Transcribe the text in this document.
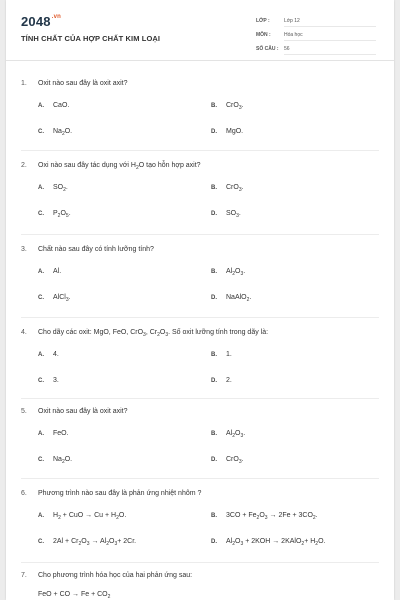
$2048^{.vn}$
TÍNH CHẤT CỦA HỢP CHẤT KIM LOẠI
LỚP :	Lớp 12
MÔN :	Hóa học
SỐ CÂU : 56
1. Oxit nào sau đây là oxit axit?
A. CaO.	B. CrO$_3$.
C. $Na_2O$.	D. MgO.
2. Oxi nào sau đây tác dụng với $H_2O$ tạo hỗn hợp axit?
A. $SO_2$.	B. CrO$_3$.
C. $P_2O_5$.	D. $SO_3$.
3. Chất nào sau đây có tính lưỡng tính?
A. Al.	B. $Al_2O_3$.
C. AlCl$_3$.	D. NaAlO$_2$.
4. Cho dãy các oxit: MgO, FeO, CrO$_3$, $Cr_2O_3$. Số oxit lưỡng tính trong dãy là:
A. 4.	B. 1.
C. 3.	D. 2.
5. Oxit nào sau đây là oxit axit?
A. FeO.	B. $Al_2O_3$.
C. $Na_2O$.	D. CrO$_3$.
6. Phương trình nào sau đây là phản ứng nhiệt nhôm ?
A. $H_2$ + CuO → $Cu + H_2O$.	B. $3CO + Fe_2O_3 \to 2Fe + 3CO_2$.
C. $2Al + Cr_2O_3 \to Al_2O_3+ 2Cr$.	D. $Al_2O_3 + 2KOH$ → 2KAlO$_2$+ $H_2O$.
7. Cho phương trình hóa học của hai phản ứng sau:
FeO + CO → $Fe + CO_2$
